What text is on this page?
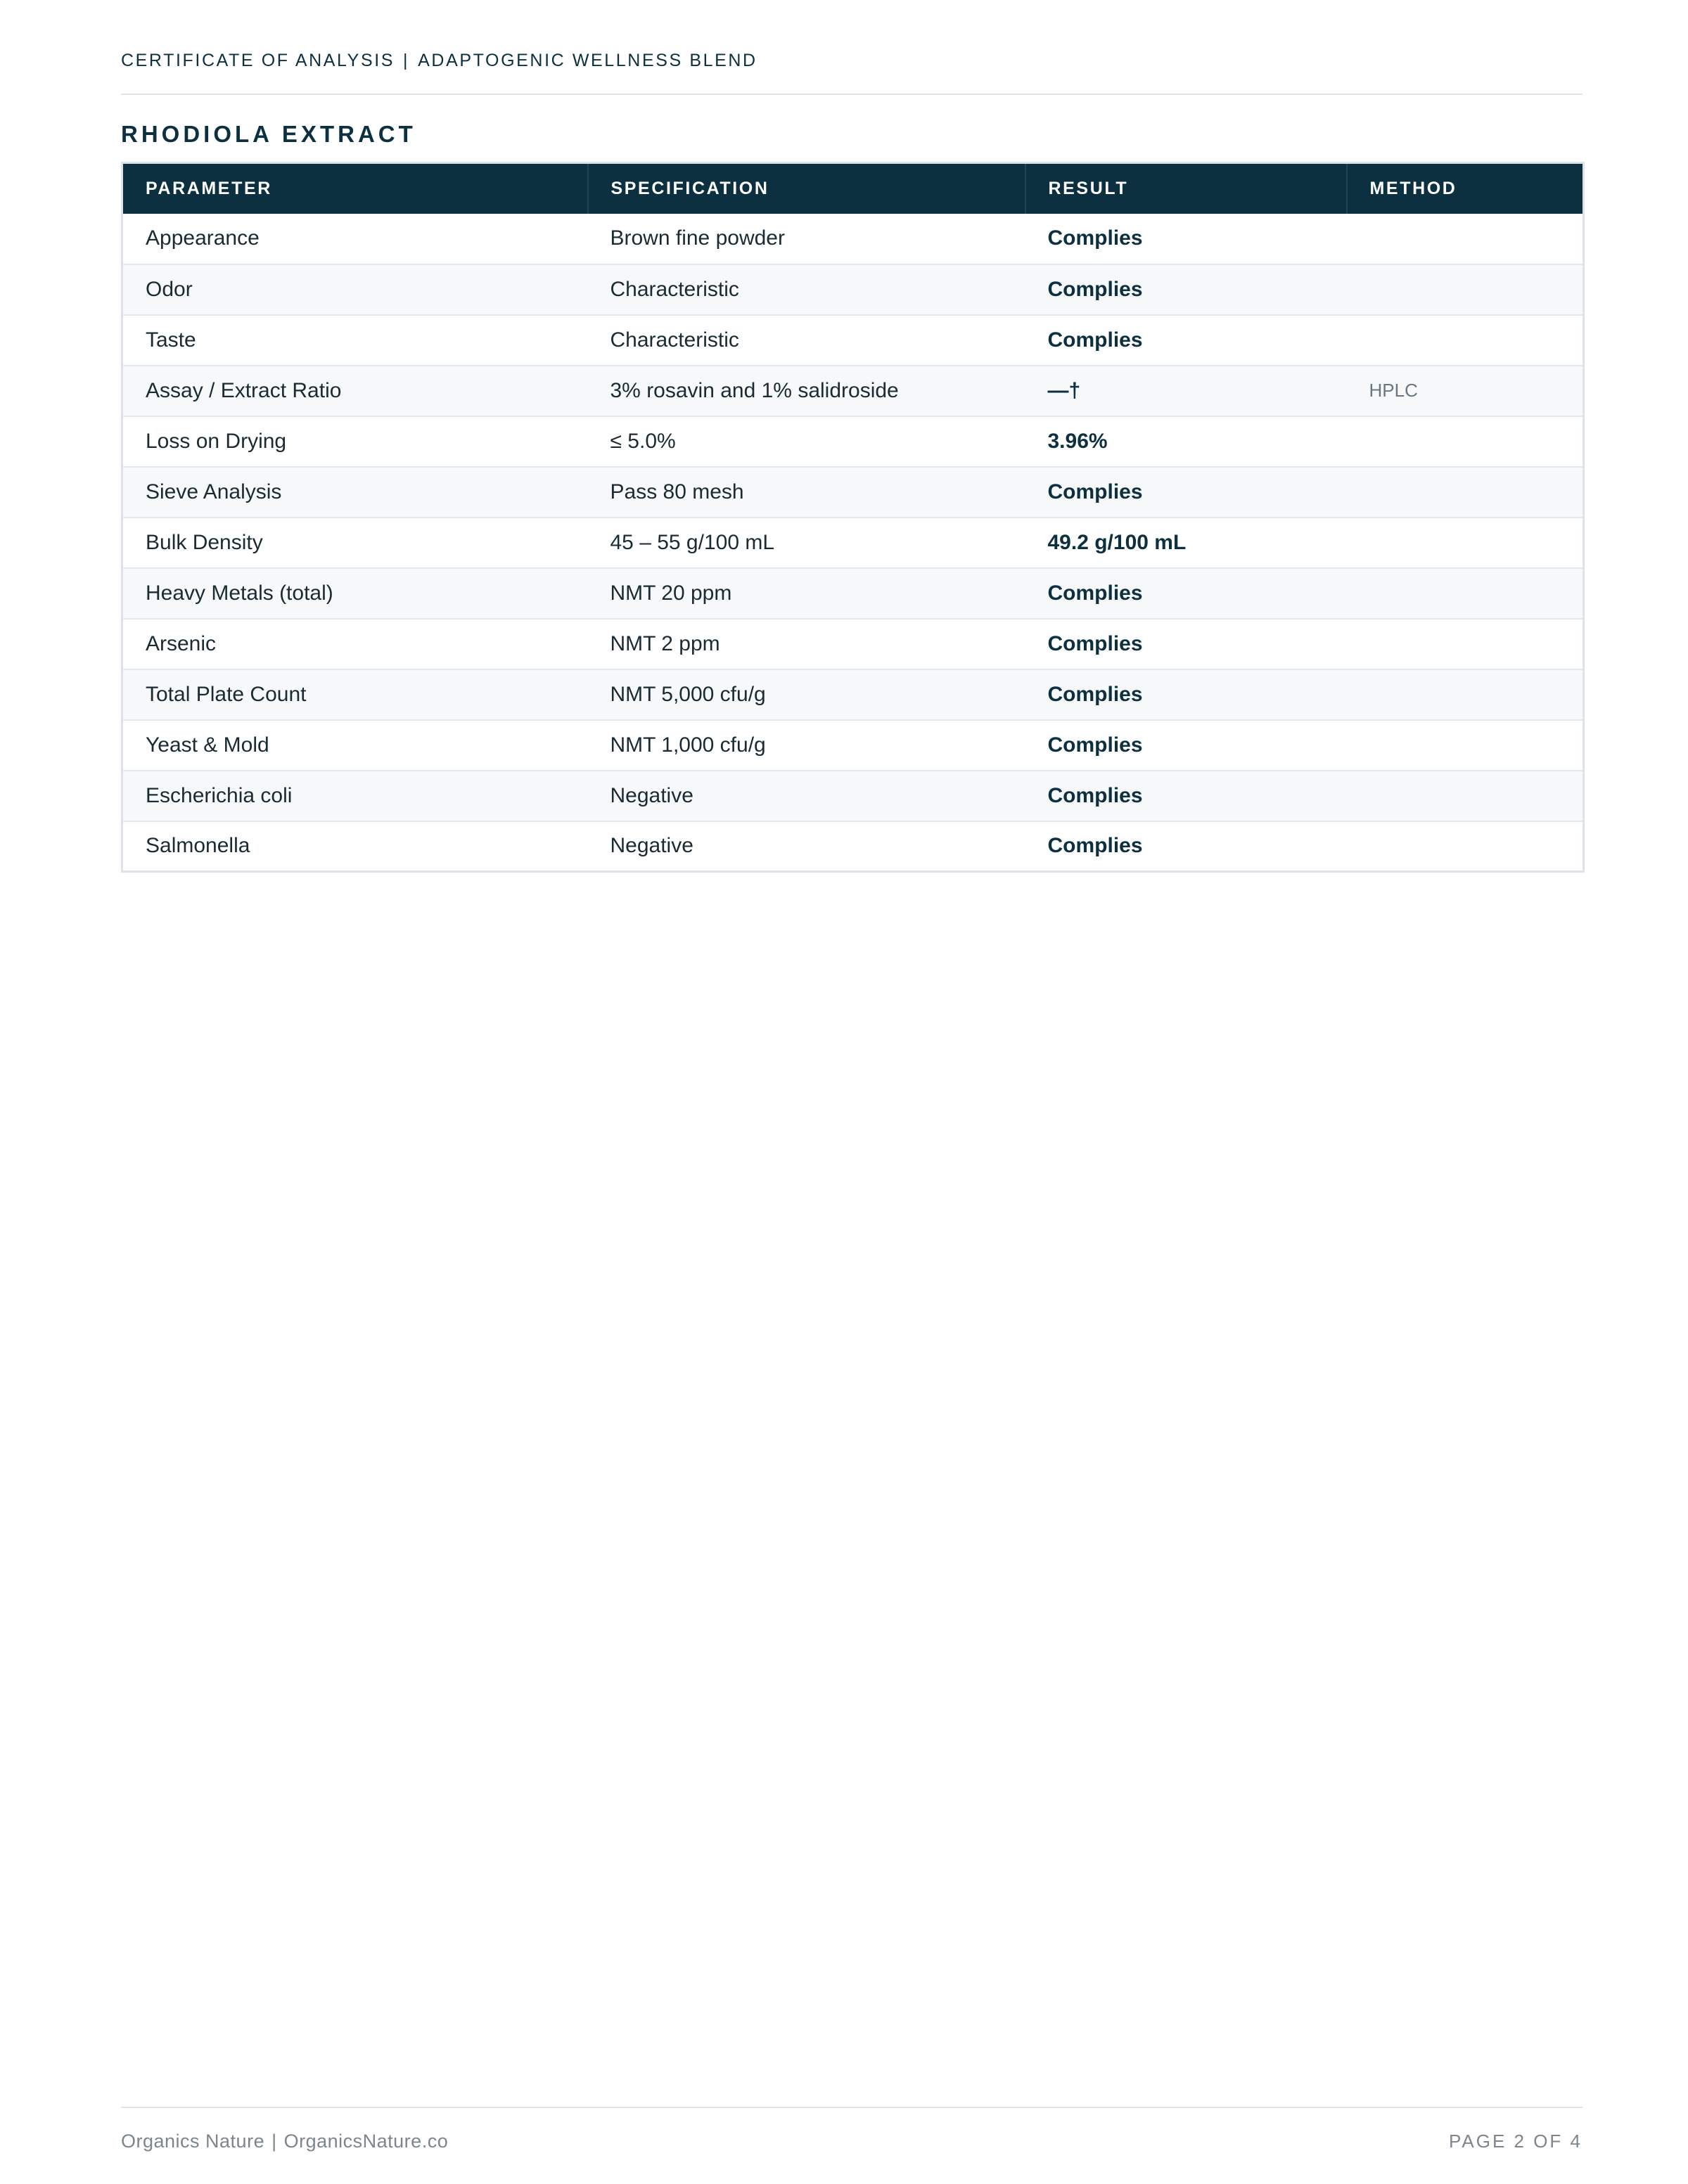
CERTIFICATE OF ANALYSIS | ADAPTOGENIC WELLNESS BLEND
RHODIOLA EXTRACT
PARAMETER	SPECIFICATION	RESULT	METHOD
Appearance	Brown fine powder	Complies	
Odor	Characteristic	Complies	
Taste	Characteristic	Complies	
Assay / Extract Ratio	3% rosavin and 1% salidroside	—†	HPLC
Loss on Drying	≤ 5.0%	3.96%	
Sieve Analysis	Pass 80 mesh	Complies	
Bulk Density	45 – 55 g/100 mL	49.2 g/100 mL	
Heavy Metals (total)	NMT 20 ppm	Complies	
Arsenic	NMT 2 ppm	Complies	
Total Plate Count	NMT 5,000 cfu/g	Complies	
Yeast & Mold	NMT 1,000 cfu/g	Complies	
Escherichia coli	Negative	Complies	
Salmonella	Negative	Complies	
Organics Nature | OrganicsNature.co	PAGE 2 OF 4
